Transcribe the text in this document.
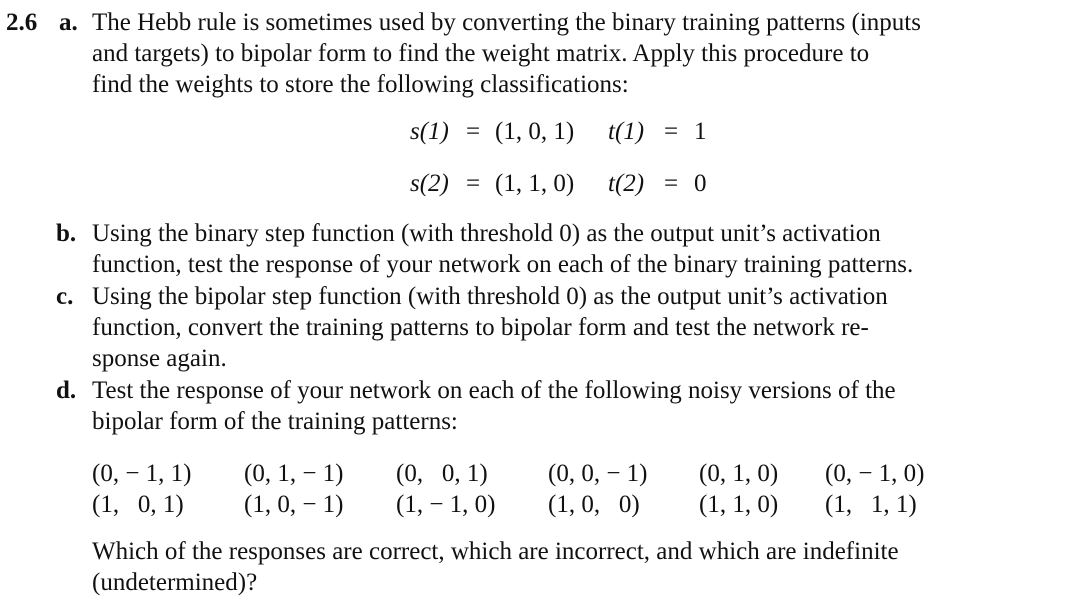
2.6 a. The Hebb rule is sometimes used by converting the binary training patterns (inputs
and targets) to bipolar form to find the weight matrix. Apply this procedure to
find the weights to store the following classifications:
s(1) = (1, 0, 1) t(1) = 1
s(2) = (1, 1, 0) t(2) = 0
b. Using the binary step function (with threshold 0) as the output unit’s activation
function, test the response of your network on each of the binary training patterns.
c. Using the bipolar step function (with threshold 0) as the output unit’s activation
function, convert the training patterns to bipolar form and test the network re-
sponse again.
d. Test the response of your network on each of the following noisy versions of the
bipolar form of the training patterns:
(0, − 1, 1) (0, 1, − 1) (0,   0, 1) (0, 0, − 1) (0, 1, 0) (0, − 1, 0)
(1,   0, 1) (1, 0, − 1) (1, − 1, 0) (1, 0,   0) (1, 1, 0) (1,   1, 1)
Which of the responses are correct, which are incorrect, and which are indefinite
(undetermined)?
